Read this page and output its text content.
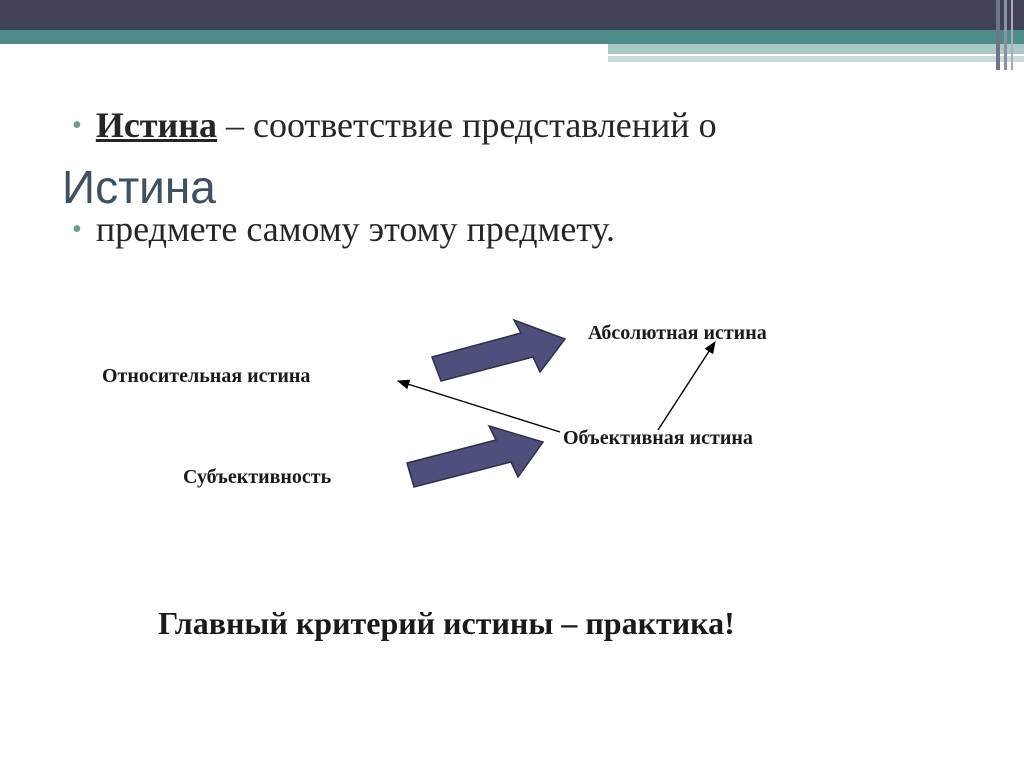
• Истина – соответствие представлений о
Истина
• предмете самому этому предмету.
Абсолютная истина
Относительная истина
Объективная истина
Субъективность
Главный критерий истины – практика!
